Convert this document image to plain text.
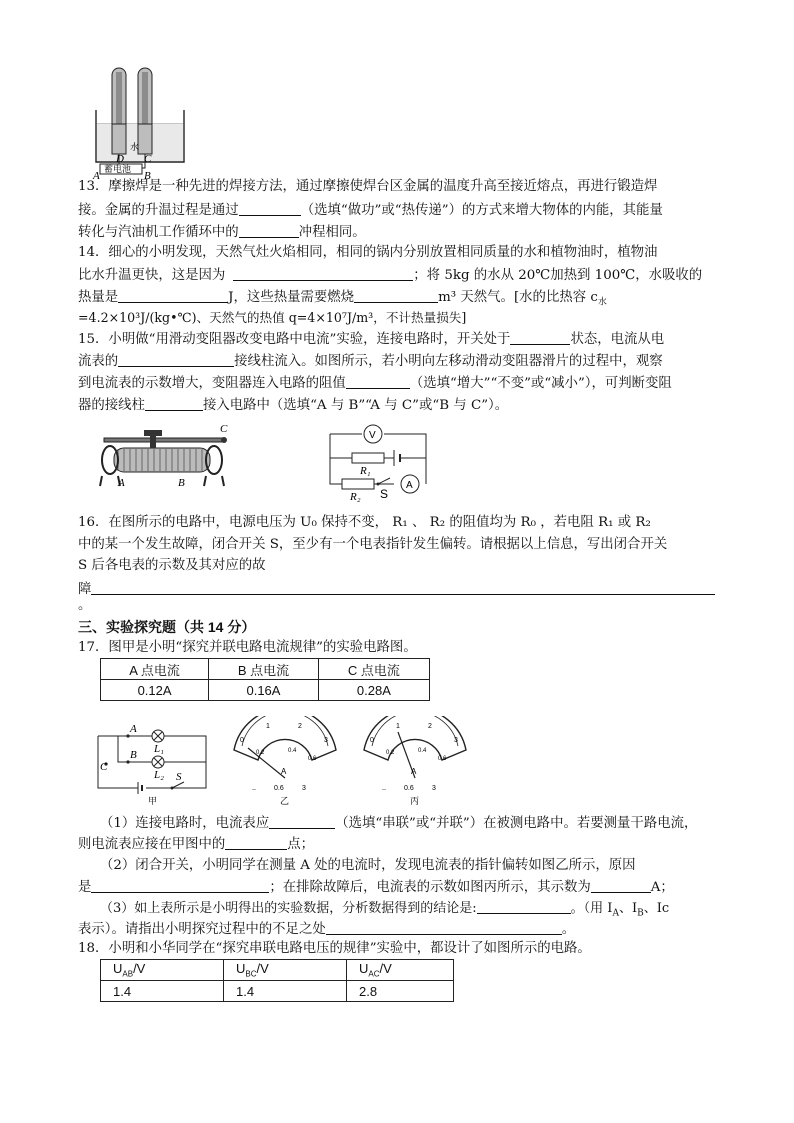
蓄电池
水
D C
A	B
13．摩擦焊是一种先进的焊接方法，通过摩擦使焊台区金属的温度升高至接近熔点，再进行锻造焊
接。金属的升温过程是通过	（选填“做功”或“热传递”）的方式来增大物体的内能，其能量
转化与汽油机工作循环中的	冲程相同。
14．细心的小明发现，天然气灶火焰相同，相同的锅内分别放置相同质量的水和植物油时，植物油
比水升温更快，这是因为	；将 5kg 的水从 20℃加热到 100℃，水吸收的
热量是	J，这些热量需要燃烧	m³ 天然气。[水的比热容 $c_水$
=4.2×10³J/(kg•℃)、天然气的热值 q=4×10⁷J/m³，不计热量损失]
15．小明做“用滑动变阻器改变电路中电流”实验，连接电路时，开关处于	状态，电流从电
流表的	接线柱流入。如图所示，若小明向左移动滑动变阻器滑片的过程中，观察
到电流表的示数增大，变阻器连入电路的阻值	（选填“增大”“不变”或“减小”），可判断变阻
器的接线柱	接入电路中（选填“A 与 B”“A 与 C”或“B 与 C”）。
C
A	B
V
R₁
R₂ S
A
16．在图所示的电路中，电源电压为 U₀ 保持不变， R₁ 、 R₂ 的阻值均为 R₀ ，若电阻 R₁ 或 R₂
中的某一个发生故障，闭合开关 S，至少有一个电表指针发生偏转。请根据以上信息，写出闭合开关
S 后各电表的示数及其对应的故
障
。
三、实验探究题（共 14 分）
17．图甲是小明“探究并联电路电流规律”的实验电路图。
A 点电流	B 点电流	C 点电流
0.12A	0.16A	0.28A
A
B
C
L₁
L₂ S
甲
0
1	2
3
0.2	0.4
0.6
A
_	0.6	3
乙
0
1	2
3
0.2	0.4
0.6
A
_	0.6	3
丙
（1）连接电路时，电流表应	（选填“串联”或“并联”）在被测电路中。若要测量干路电流，
则电流表应接在甲图中的	点；
（2）闭合开关，小明同学在测量 A 处的电流时，发现电流表的指针偏转如图乙所示，原因
是	；在排除故障后，电流表的示数如图丙所示，其示数为	A；
（3）如上表所示是小明得出的实验数据，分析数据得到的结论是:	。（用 $I_A$、$I_B$、Ic
表示）。请指出小明探究过程中的不足之处	。
18．小明和小华同学在“探究串联电路电压的规律”实验中，都设计了如图所示的电路。
$U_{AB}/V$	$U_{BC}/V$	$U_{AC}/V$
1.4	1.4	2.8
